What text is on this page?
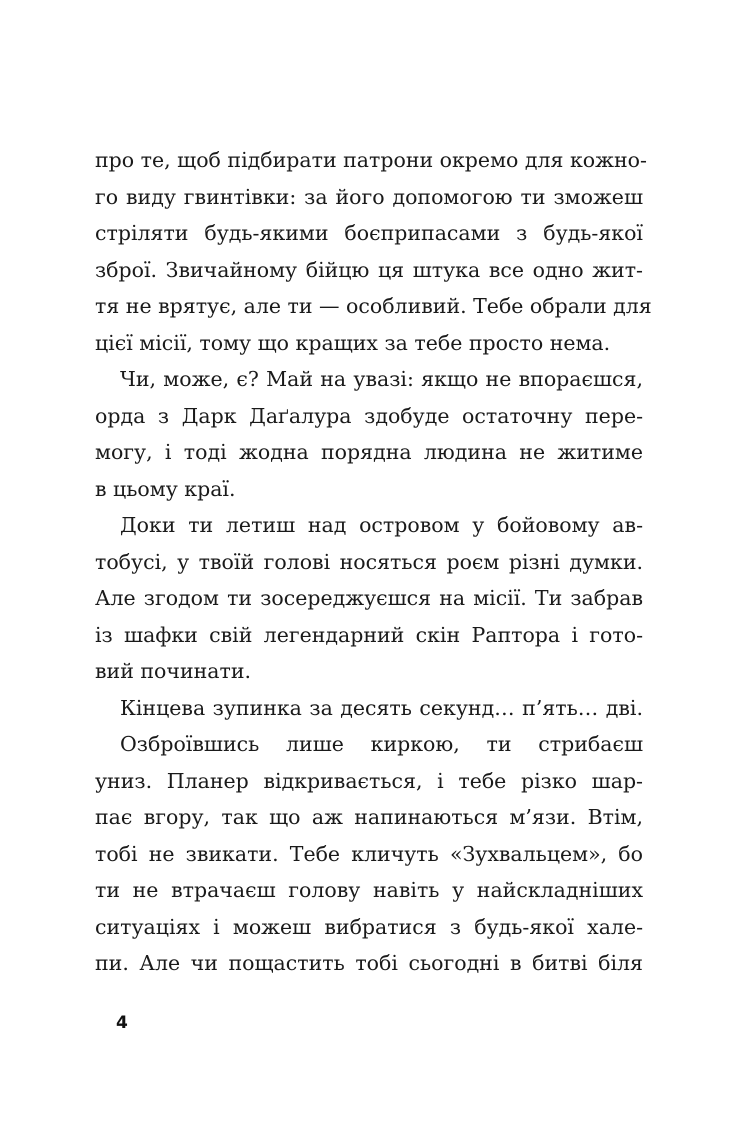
про те, щоб підбирати патрони окремо для кожно-
го виду гвинтівки: за його допомогою ти зможеш
стріляти будь-якими боєприпасами з будь-якої
зброї. Звичайному бійцю ця штука все одно жит-
тя не врятує, але ти — особливий. Тебе обрали для
цієї місії, тому що кращих за тебе просто нема.
Чи, може, є? Май на увазі: якщо не впораєшся,
орда з Дарк Даґалура здобуде остаточну пере-
могу, і тоді жодна порядна людина не житиме
в цьому краї.
Доки ти летиш над островом у бойовому ав-
тобусі, у твоїй голові носяться роєм різні думки.
Але згодом ти зосереджуєшся на місії. Ти забрав
із шафки свій легендарний скін Раптора і гото-
вий починати.
Кінцева зупинка за десять секунд… п’ять… дві.
Озброївшись лише киркою, ти стрибаєш
униз. Планер відкривається, і тебе різко шар-
пає вгору, так що аж напинаються м’язи. Втім,
тобі не звикати. Тебе кличуть «Зухвальцем», бо
ти не втрачаєш голову навіть у найскладніших
ситуаціях і можеш вибратися з будь-якої хале-
пи. Але чи пощастить тобі сьогодні в битві біля
4
